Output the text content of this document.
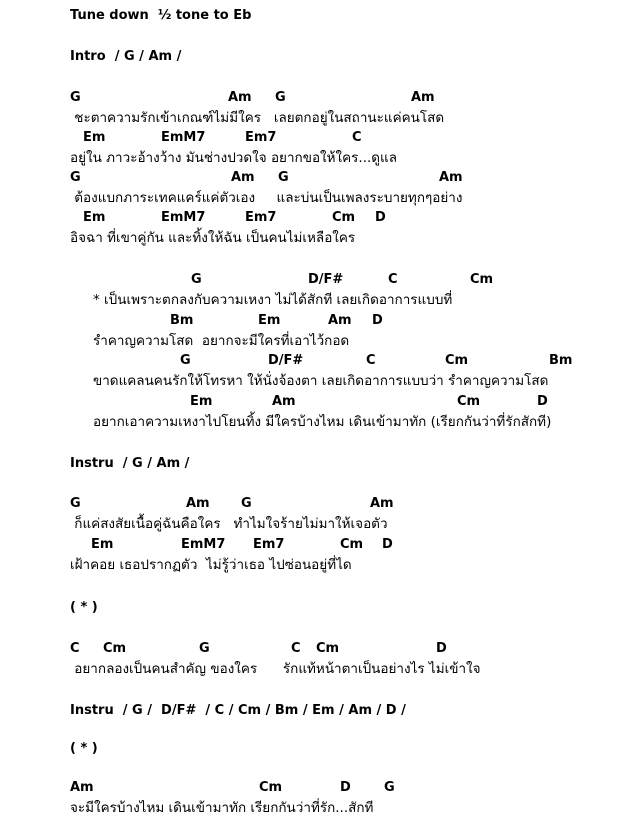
Tune down  ½ tone to Eb
Intro  / G / Am /
G	Am G	Am
ชะตาความรักเข้าเกณฑ์ไม่มีใคร   เลยตกอยู่ในสถานะแค่คนโสด
Em	EmM7	Em7	C
อยู่ใน ภาวะอ้างว้าง มันช่างปวดใจ อยากขอให้ใคร...ดูแล
G	Am G	Am
ต้องแบกภาระเทคแคร์แค่ตัวเอง     และบ่นเป็นเพลงระบายทุกๆอย่าง
Em	EmM7	Em7	Cm D
อิจฉา ที่เขาคู่กัน และทิ้งให้ฉัน เป็นคนไม่เหลือใคร
G	D/F#	C	Cm
* เป็นเพราะตกลงกับความเหงา ไม่ได้สักที เลยเกิดอาการแบบที่
Bm	Em	Am D
รำคาญความโสด  อยากจะมีใครที่เอาไว้กอด
G	D/F#	C	Cm	Bm
ขาดแคลนคนรักให้โทรหา ให้นั่งจ้องตา เลยเกิดอาการแบบว่า รำคาญความโสด
Em	Am	Cm	D
อยากเอาความเหงาไปโยนทิ้ง มีใครบ้างไหม เดินเข้ามาทัก (เรียกกันว่าที่รักสักที)
Instru  / G / Am /
G	Am G	Am
ก็แค่สงสัยเนื้อคู่ฉันคือใคร   ทำไมใจร้ายไม่มาให้เจอตัว
Em	EmM7 Em7	Cm D
เฝ้าคอย เธอปรากฏตัว  ไม่รู้ว่าเธอ ไปซ่อนอยู่ที่ได
( * )
C Cm	G	C Cm	D
อยากลองเป็นคนสำคัญ ของใคร      รักแท้หน้าตาเป็นอย่างไร ไม่เข้าใจ
Instru  / G /  D/F#  / C / Cm / Bm / Em / Am / D /
( * )
Am	Cm	D	G
จะมีใครบ้างไหม เดินเข้ามาทัก เรียกกันว่าที่รัก...สักที
